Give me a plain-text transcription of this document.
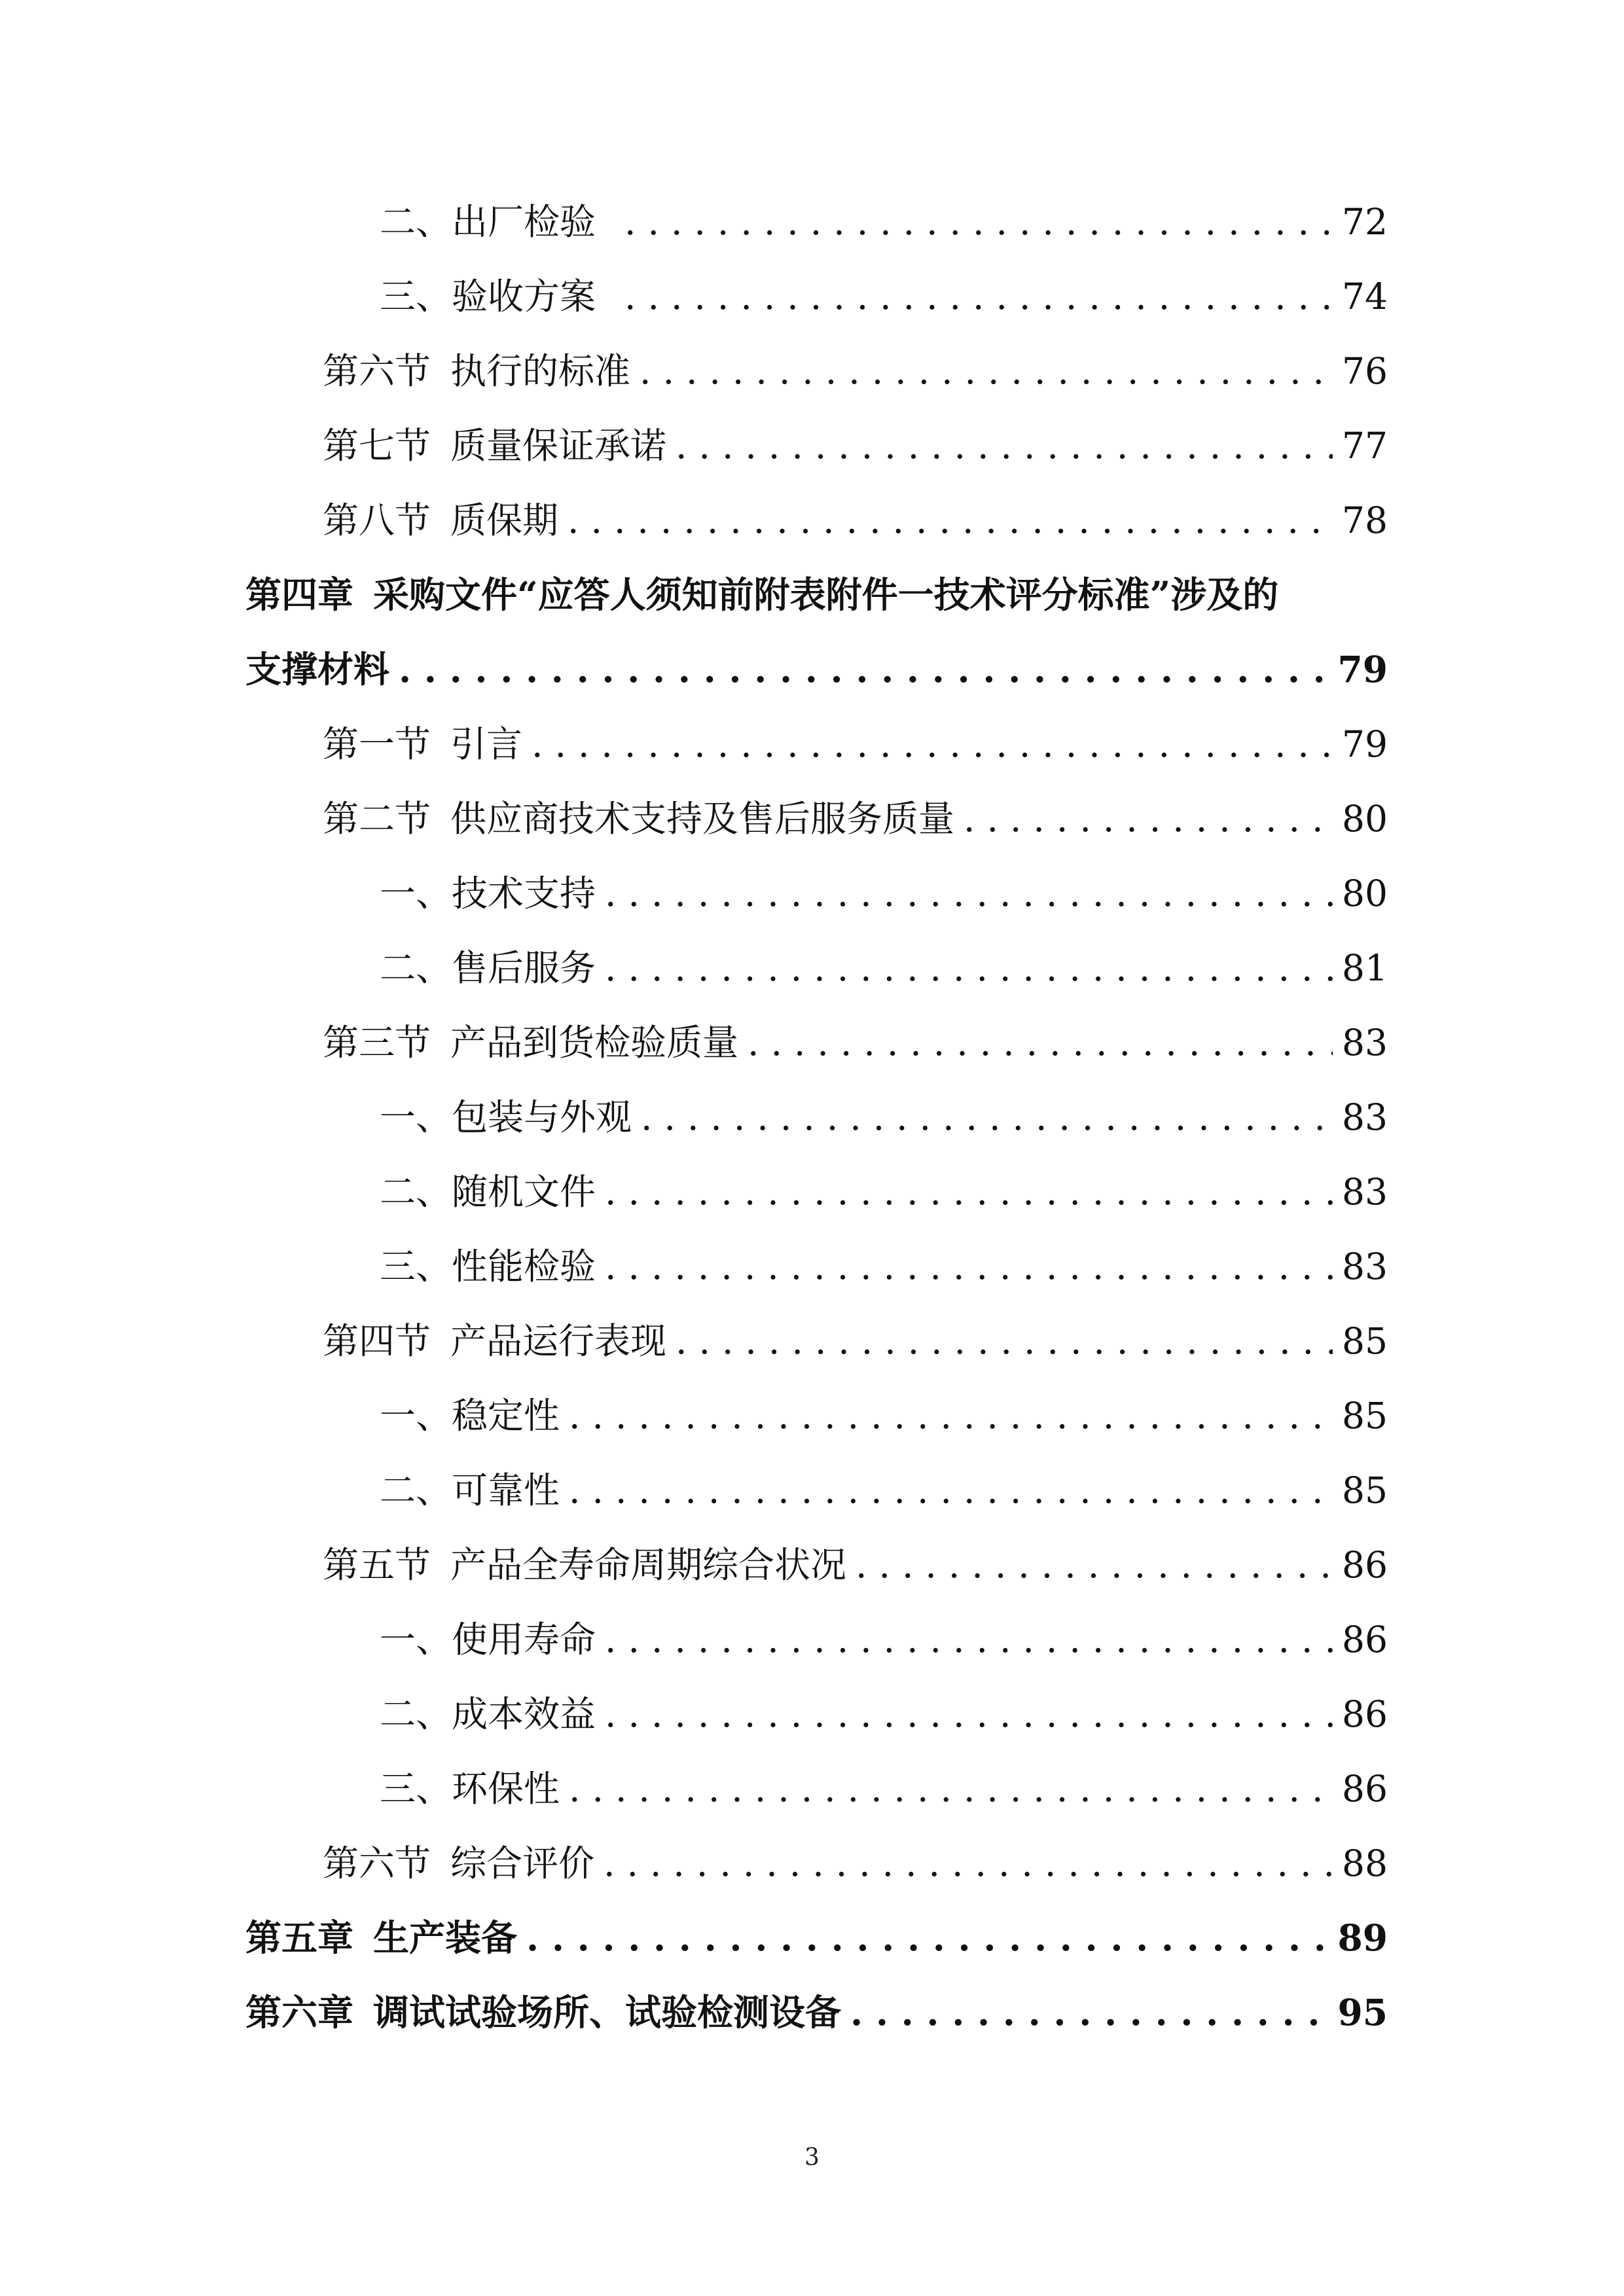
二、出厂检验 . . .	72
三、验收方案 . . .	74
第六节 执行的标准 . . .	76
第七节 质量保证承诺 . . .	77
第八节 质保期 . . .	78
第四章 采购文件“应答人须知前附表附件一技术评分标准”涉及的
支撑材料 . . .	79
第一节 引言 . . .	79
第二节 供应商技术支持及售后服务质量 . . .	80
一、技术支持 . . .	80
二、售后服务 . . .	81
第三节 产品到货检验质量 . . .	83
一、包装与外观 . . .	83
二、随机文件 . . .	83
三、性能检验 . . .	83
第四节 产品运行表现 . . .	85
一、稳定性 . . .	85
二、可靠性 . . .	85
第五节 产品全寿命周期综合状况 . . .	86
一、使用寿命 . . .	86
二、成本效益 . . .	86
三、环保性 . . .	86
第六节 综合评价 . . .	88
第五章 生产装备 . . .	89
第六章 调试试验场所、试验检测设备 . . .	95
3
